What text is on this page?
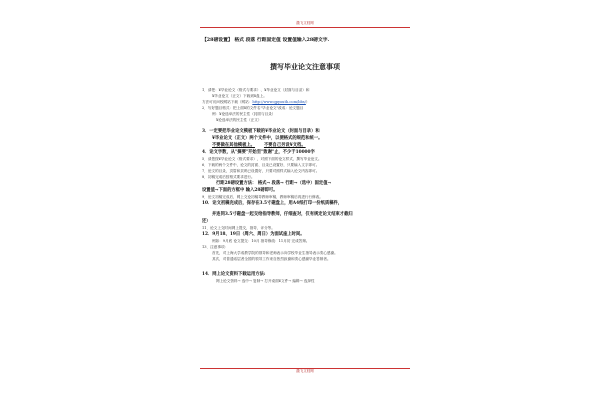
激飞文档网

【28磅设置】 格式 段落 行距固定值 设置值输入28磅文字.

撰写毕业论文注意事项

1．请把：¥毕业论文（格式与要求）、¥毕业论文（封面与目录）和

¥毕业论文（正文）下载到¥盘上。

方法可访问校网站下载（网站：http://www.qpyouth.com/bbs/）

2．写好题目格式：把上面¥的文件名"毕业论文"改成：论文题目

例：¥论选举法的民主性（封面与目录）

¥论选举法的民主性（正文）

3．一定要把毕业论文模板下载的¥毕业论文（封面与目录）和

¥毕业论文（正文）两个文件中，以便格式的规范和统一。

不要做在其他模板上。 不要自己另设¥文档。

4．论文字数，从"摘要"开始至"致谢"止，不少于10000字

5．请您按¥毕业论文（格式要求），对照下面的论文样式，撰写毕业论文。

6．下载的两个文件中，论文的封面、目录已设置好，只要输入文字即可。

7．论文的目录，页眉和页码已设置好，只要对照样式输入论文内容即可。

8．初稿完成后按格式要求进行。

行距28磅设置方法： 格式→ 段落→ 行距→（选中）固定值→

设置值→下面的方框中 输入28磅即可。

9．论文初稿完成后，网上交论初稿导教师审稿，教师审稿后再进行行修改。

10．论文初稿完成后，保存在3.5寸磁盘上，用A4纸打印一份纸质稿件，

并连同3.5寸磁盘一起交给指导教师，仔细查对，仅有规定论文结束才截归

还）

11．论文上交时间网上提交，指导，评分等。

12．9月18、19日（周六、周日）为面试座上时间。

例如：9月底 论文提交：10月 指导修改：11月初 完成答辩。

13．注意事项：

首先，对上海大学成教学院的领导和老师表示向学校毕业生指导表示衷心感谢。

其次，对普通话层者全国的领导工作来自热烈致谢和衷心感谢毕业答辩者。

14．网上论文资料下载运用方法:

网上论文资料→ 选中→ 复制→ 打开桌面¥文件→ 编辑→ 选择性

激飞文档网
